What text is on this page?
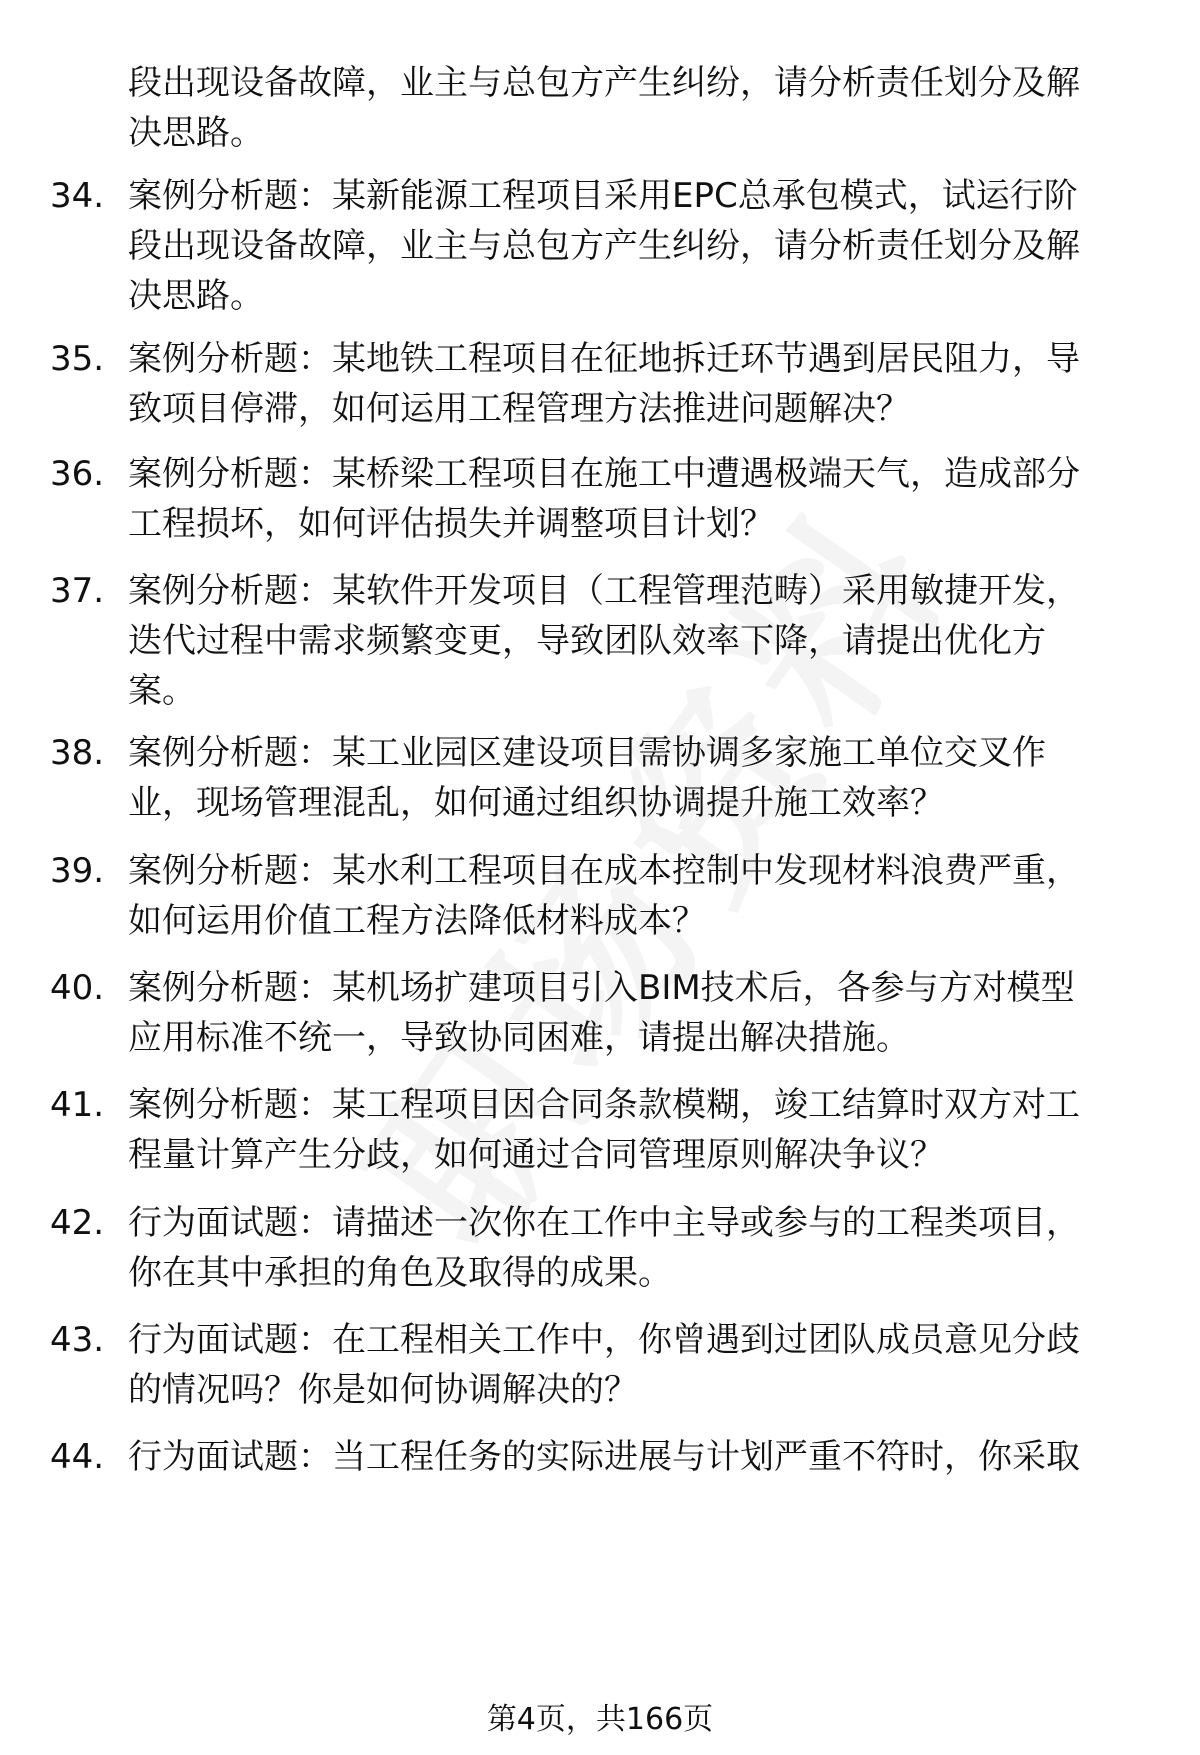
段出现设备故障，业主与总包方产生纠纷，请分析责任划分及解
决思路。
34. 案例分析题：某新能源工程项目采用EPC总承包模式，试运行阶
段出现设备故障，业主与总包方产生纠纷，请分析责任划分及解
决思路。
35. 案例分析题：某地铁工程项目在征地拆迁环节遇到居民阻力，导
致项目停滞，如何运用工程管理方法推进问题解决？
36. 案例分析题：某桥梁工程项目在施工中遭遇极端天气，造成部分
工程损坏，如何评估损失并调整项目计划？
37. 案例分析题：某软件开发项目（工程管理范畴）采用敏捷开发，
迭代过程中需求频繁变更，导致团队效率下降，请提出优化方
案。
38. 案例分析题：某工业园区建设项目需协调多家施工单位交叉作
业，现场管理混乱，如何通过组织协调提升施工效率？
39. 案例分析题：某水利工程项目在成本控制中发现材料浪费严重，
如何运用价值工程方法降低材料成本？
40. 案例分析题：某机场扩建项目引入BIM技术后，各参与方对模型
应用标准不统一，导致协同困难，请提出解决措施。
41. 案例分析题：某工程项目因合同条款模糊，竣工结算时双方对工
程量计算产生分歧，如何通过合同管理原则解决争议？
42. 行为面试题：请描述一次你在工作中主导或参与的工程类项目，
你在其中承担的角色及取得的成果。
43. 行为面试题：在工程相关工作中，你曾遇到过团队成员意见分歧
的情况吗？你是如何协调解决的？
44. 行为面试题：当工程任务的实际进展与计划严重不符时，你采取
第4页，共166页
